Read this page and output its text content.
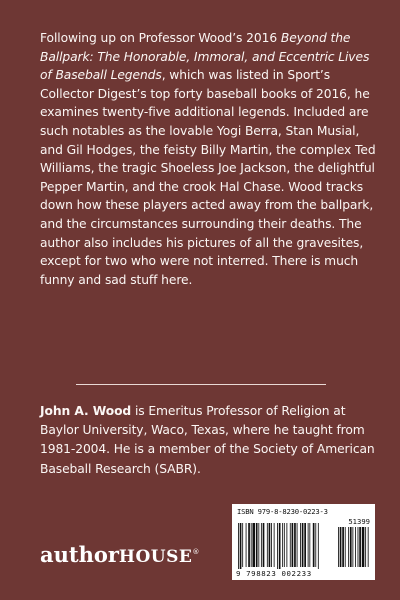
Following up on Professor Wood’s 2016 Beyond the Ballpark: The Honorable, Immoral, and Eccentric Lives of Baseball Legends, which was listed in Sport’s Collector Digest’s top forty baseball books of 2016, he examines twenty-five additional legends. Included are such notables as the lovable Yogi Berra, Stan Musial, and Gil Hodges, the feisty Billy Martin, the complex Ted Williams, the tragic Shoeless Joe Jackson, the delightful Pepper Martin, and the crook Hal Chase. Wood tracks down how these players acted away from the ballpark, and the circumstances surrounding their deaths. The author also includes his pictures of all the gravesites, except for two who were not interred. There is much funny and sad stuff here.

John A. Wood is Emeritus Professor of Religion at Baylor University, Waco, Texas, where he taught from 1981-2004. He is a member of the Society of American Baseball Research (SABR).

authorHOUSE®
ISBN 979-8-8230-0223-3
51399
9 798823 002233
